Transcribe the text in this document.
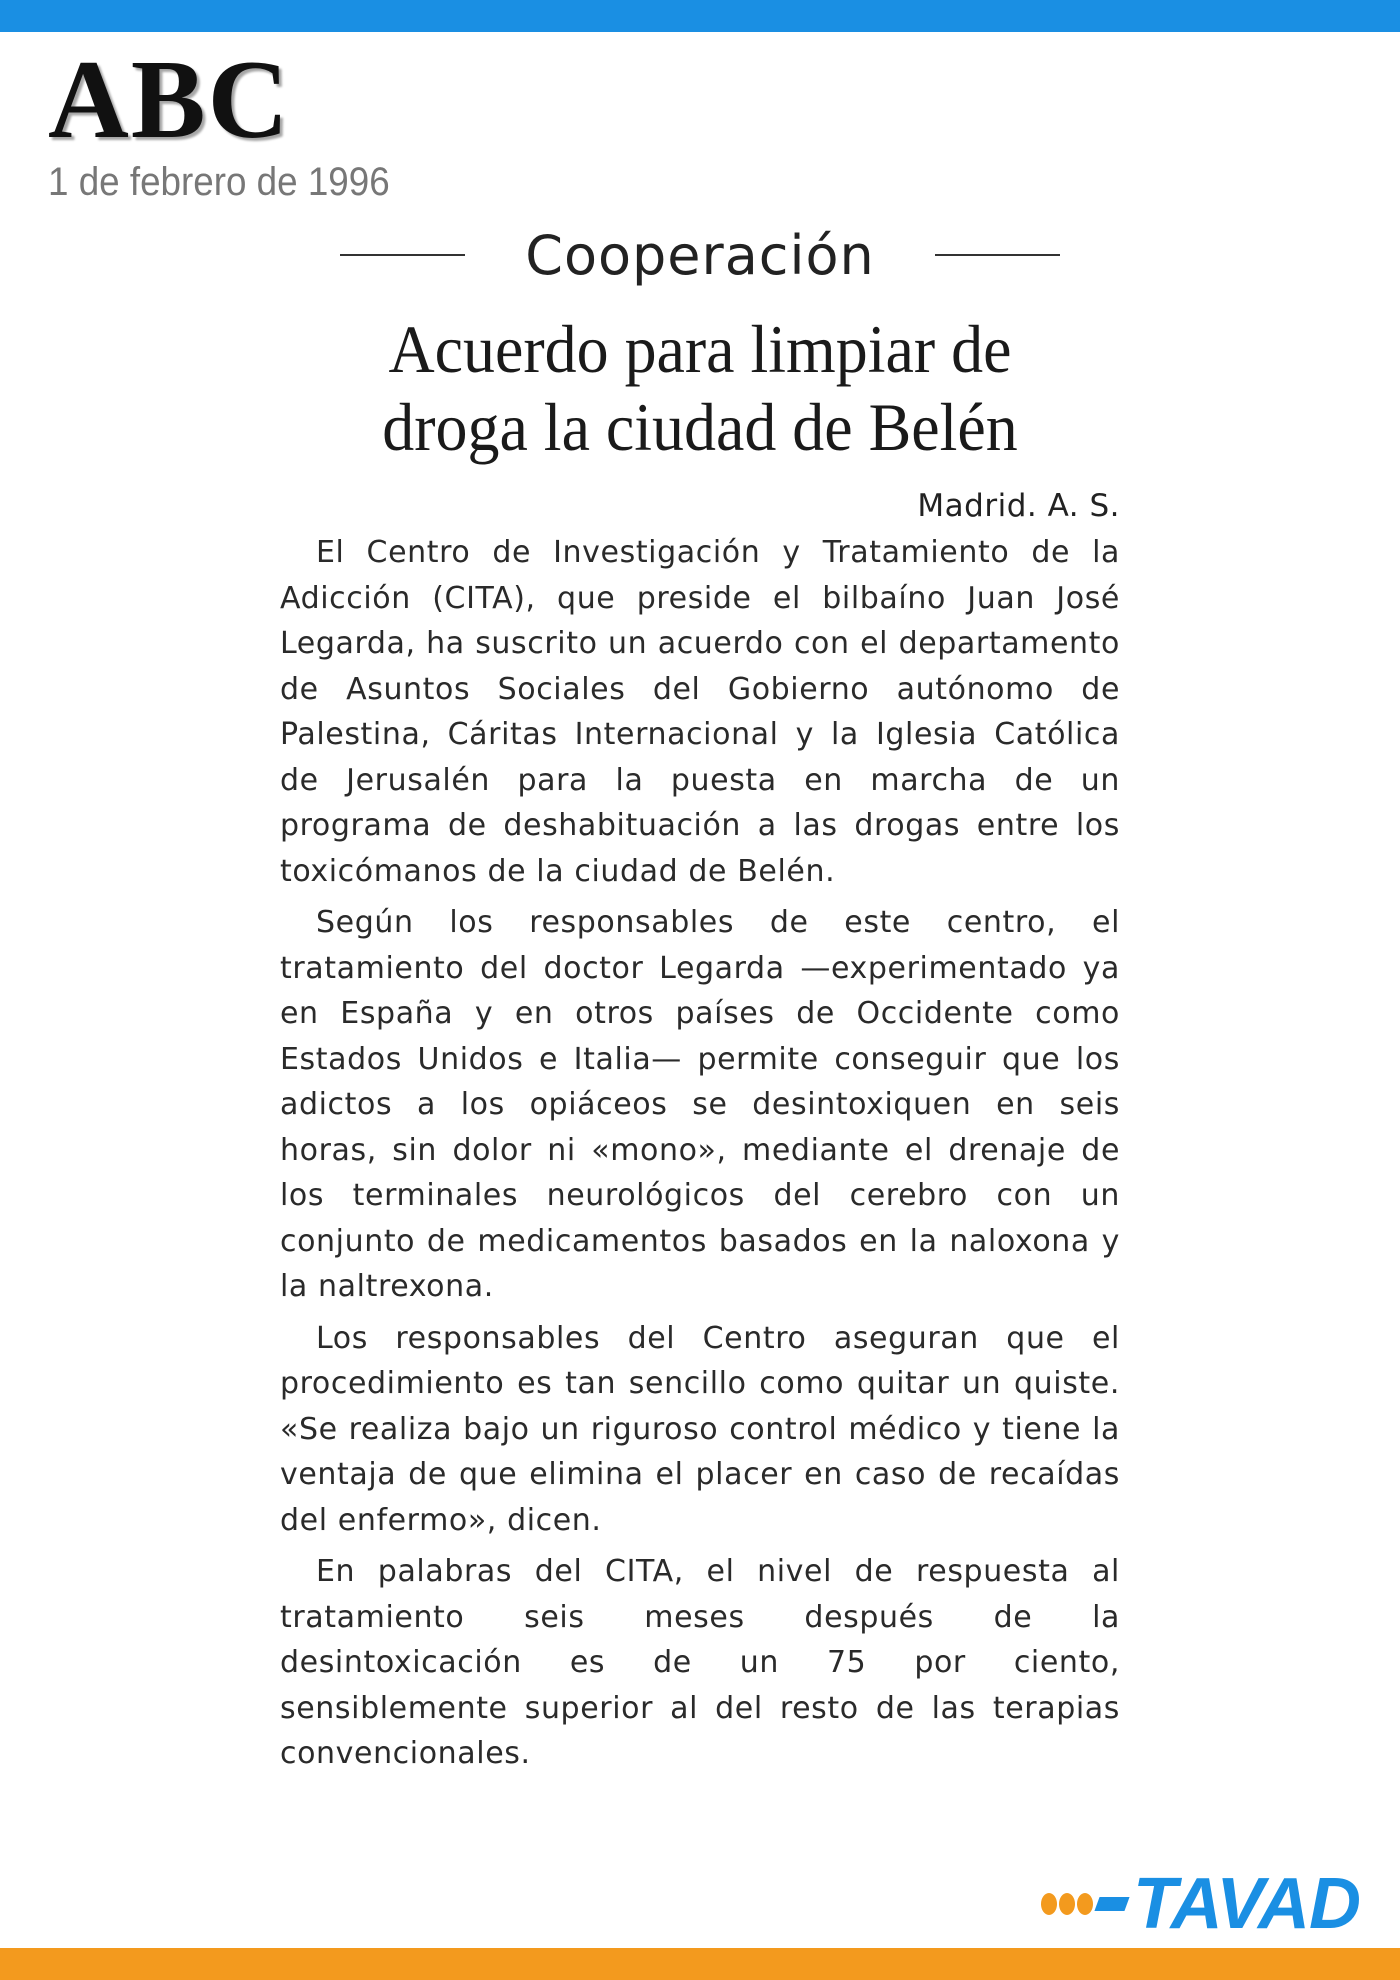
ABC
1 de febrero de 1996
Cooperación
Acuerdo para limpiar de
droga la ciudad de Belén
Madrid. A. S.

El Centro de Investigación y Tratamiento de la Adicción (CITA), que preside el bilbaíno Juan José Legarda, ha suscrito un acuerdo con el departamento de Asuntos Sociales del Gobierno autónomo de Palestina, Cáritas Internacional y la Iglesia Católica de Jerusalén para la puesta en marcha de un programa de deshabituación a las drogas entre los toxicómanos de la ciudad de Belén.

Según los responsables de este centro, el tratamiento del doctor Legarda —experimentado ya en España y en otros países de Occidente como Estados Unidos e Italia— permite conseguir que los adictos a los opiáceos se desintoxiquen en seis horas, sin dolor ni «mono», mediante el drenaje de los terminales neurológicos del cerebro con un conjunto de medicamentos basados en la naloxona y la naltrexona.

Los responsables del Centro aseguran que el procedimiento es tan sencillo como quitar un quiste. «Se realiza bajo un riguroso control médico y tiene la ventaja de que elimina el placer en caso de recaídas del enfermo», dicen.

En palabras del CITA, el nivel de respuesta al tratamiento seis meses después de la desintoxicación es de un 75 por ciento, sensiblemente superior al del resto de las terapias convencionales.

TAVAD
